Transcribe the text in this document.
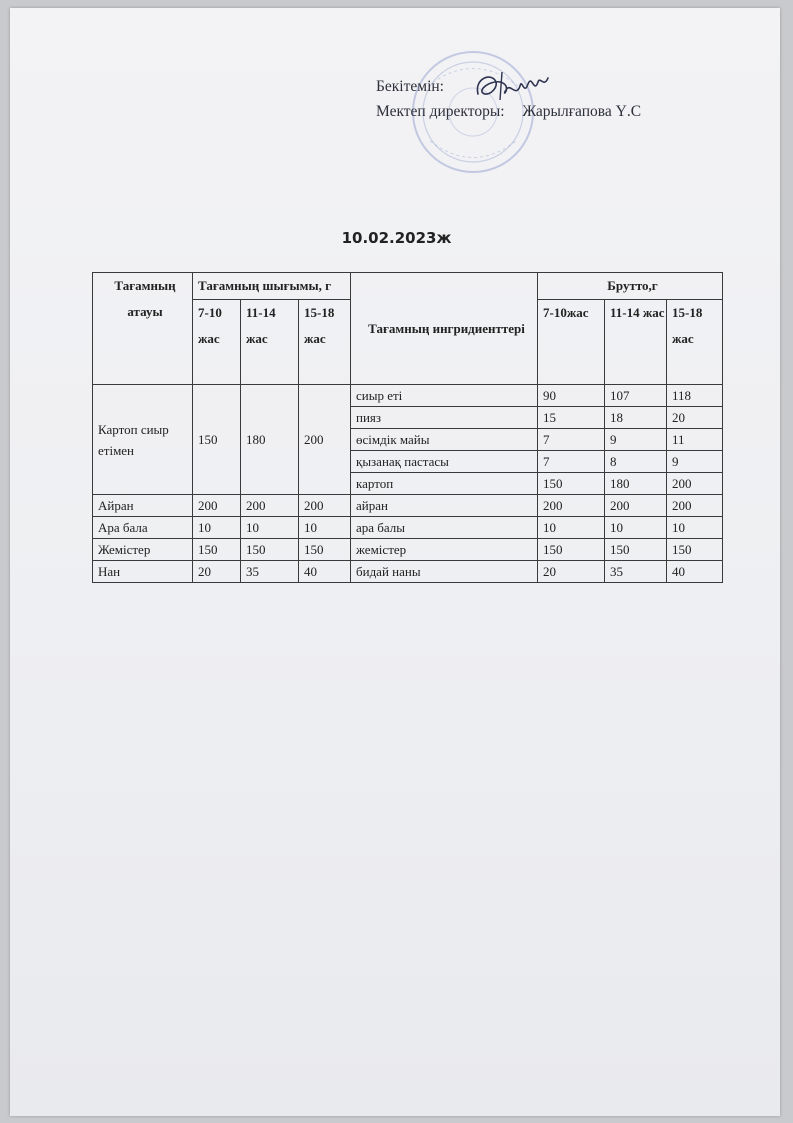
Бекітемін:
Мектеп директоры: Жарылғапова Ү.С
10.02.2023ж
Тағамның атауы	Тағамның шығымы, г			Тағамның ингридиенттері	Брутто,г		
	7-10 жас	11-14 жас	15-18 жас		7-10жас	11-14 жас	15-18 жас
Картоп сиыр етімен	150	180	200	сиыр еті	90	107	118
				пияз	15	18	20
				өсімдік майы	7	9	11
				қызанақ пастасы	7	8	9
				картоп	150	180	200
Айран	200	200	200	айран	200	200	200
Ара бала	10	10	10	ара балы	10	10	10
Жемістер	150	150	150	жемістер	150	150	150
Нан	20	35	40	бидай наны	20	35	40
